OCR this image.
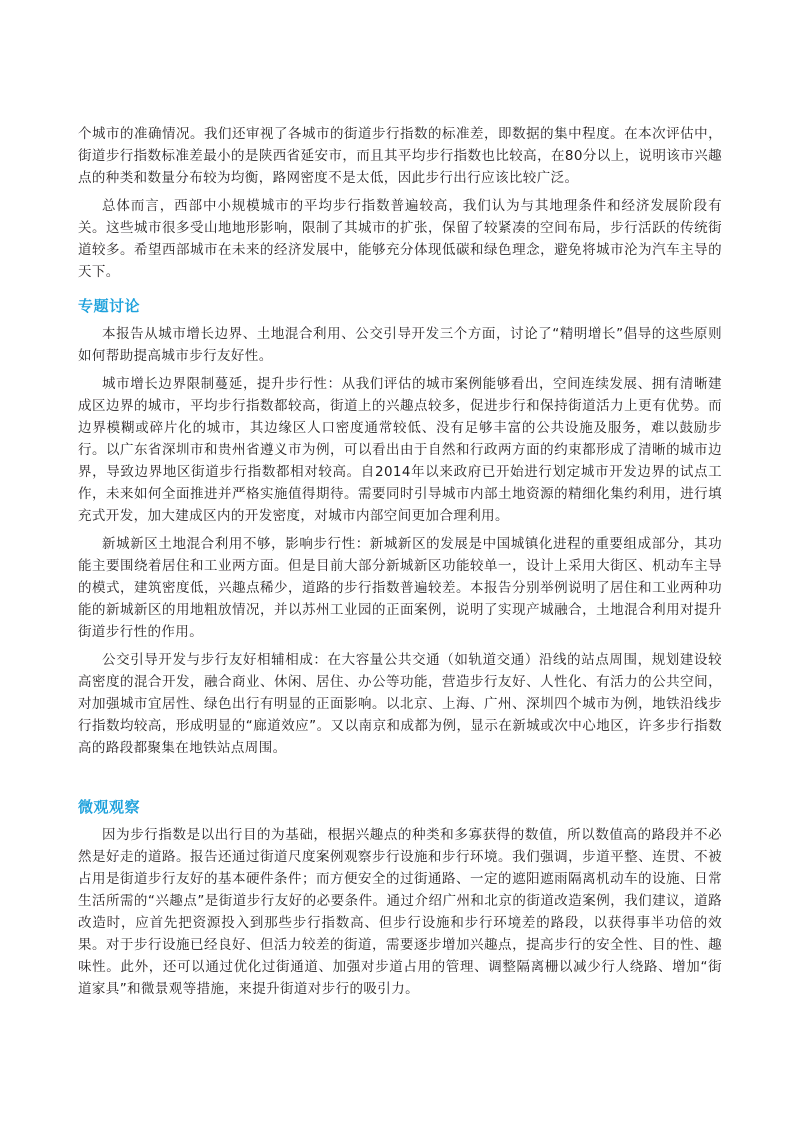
个城市的准确情况。我们还审视了各城市的街道步行指数的标准差，即数据的集中程度。在本次评估中，街道步行指数标准差最小的是陕西省延安市，而且其平均步行指数也比较高，在80分以上，说明该市兴趣点的种类和数量分布较为均衡，路网密度不是太低，因此步行出行应该比较广泛。

总体而言，西部中小规模城市的平均步行指数普遍较高，我们认为与其地理条件和经济发展阶段有关。这些城市很多受山地地形影响，限制了其城市的扩张，保留了较紧凑的空间布局，步行活跃的传统街道较多。希望西部城市在未来的经济发展中，能够充分体现低碳和绿色理念，避免将城市沦为汽车主导的天下。

专题讨论

本报告从城市增长边界、土地混合利用、公交引导开发三个方面，讨论了“精明增长”倡导的这些原则如何帮助提高城市步行友好性。

城市增长边界限制蔓延，提升步行性：从我们评估的城市案例能够看出，空间连续发展、拥有清晰建成区边界的城市，平均步行指数都较高，街道上的兴趣点较多，促进步行和保持街道活力上更有优势。而边界模糊或碎片化的城市，其边缘区人口密度通常较低、没有足够丰富的公共设施及服务，难以鼓励步行。以广东省深圳市和贵州省遵义市为例，可以看出由于自然和行政两方面的约束都形成了清晰的城市边界，导致边界地区街道步行指数都相对较高。自2014年以来政府已开始进行划定城市开发边界的试点工作，未来如何全面推进并严格实施值得期待。需要同时引导城市内部土地资源的精细化集约利用，进行填充式开发，加大建成区内的开发密度，对城市内部空间更加合理利用。

新城新区土地混合利用不够，影响步行性：新城新区的发展是中国城镇化进程的重要组成部分，其功能主要围绕着居住和工业两方面。但是目前大部分新城新区功能较单一，设计上采用大街区、机动车主导的模式，建筑密度低，兴趣点稀少，道路的步行指数普遍较差。本报告分别举例说明了居住和工业两种功能的新城新区的用地粗放情况，并以苏州工业园的正面案例，说明了实现产城融合，土地混合利用对提升街道步行性的作用。

公交引导开发与步行友好相辅相成：在大容量公共交通（如轨道交通）沿线的站点周围，规划建设较高密度的混合开发，融合商业、休闲、居住、办公等功能，营造步行友好、人性化、有活力的公共空间，对加强城市宜居性、绿色出行有明显的正面影响。以北京、上海、广州、深圳四个城市为例，地铁沿线步行指数均较高，形成明显的“廊道效应”。又以南京和成都为例，显示在新城或次中心地区，许多步行指数高的路段都聚集在地铁站点周围。

微观观察

因为步行指数是以出行目的为基础，根据兴趣点的种类和多寡获得的数值，所以数值高的路段并不必然是好走的道路。报告还通过街道尺度案例观察步行设施和步行环境。我们强调，步道平整、连贯、不被占用是街道步行友好的基本硬件条件；而方便安全的过街通路、一定的遮阳遮雨隔离机动车的设施、日常生活所需的“兴趣点”是街道步行友好的必要条件。通过介绍广州和北京的街道改造案例，我们建议，道路改造时，应首先把资源投入到那些步行指数高、但步行设施和步行环境差的路段，以获得事半功倍的效果。对于步行设施已经良好、但活力较差的街道，需要逐步增加兴趣点，提高步行的安全性、目的性、趣味性。此外，还可以通过优化过街通道、加强对步道占用的管理、调整隔离栅以减少行人绕路、增加“街道家具”和微景观等措施，来提升街道对步行的吸引力。
